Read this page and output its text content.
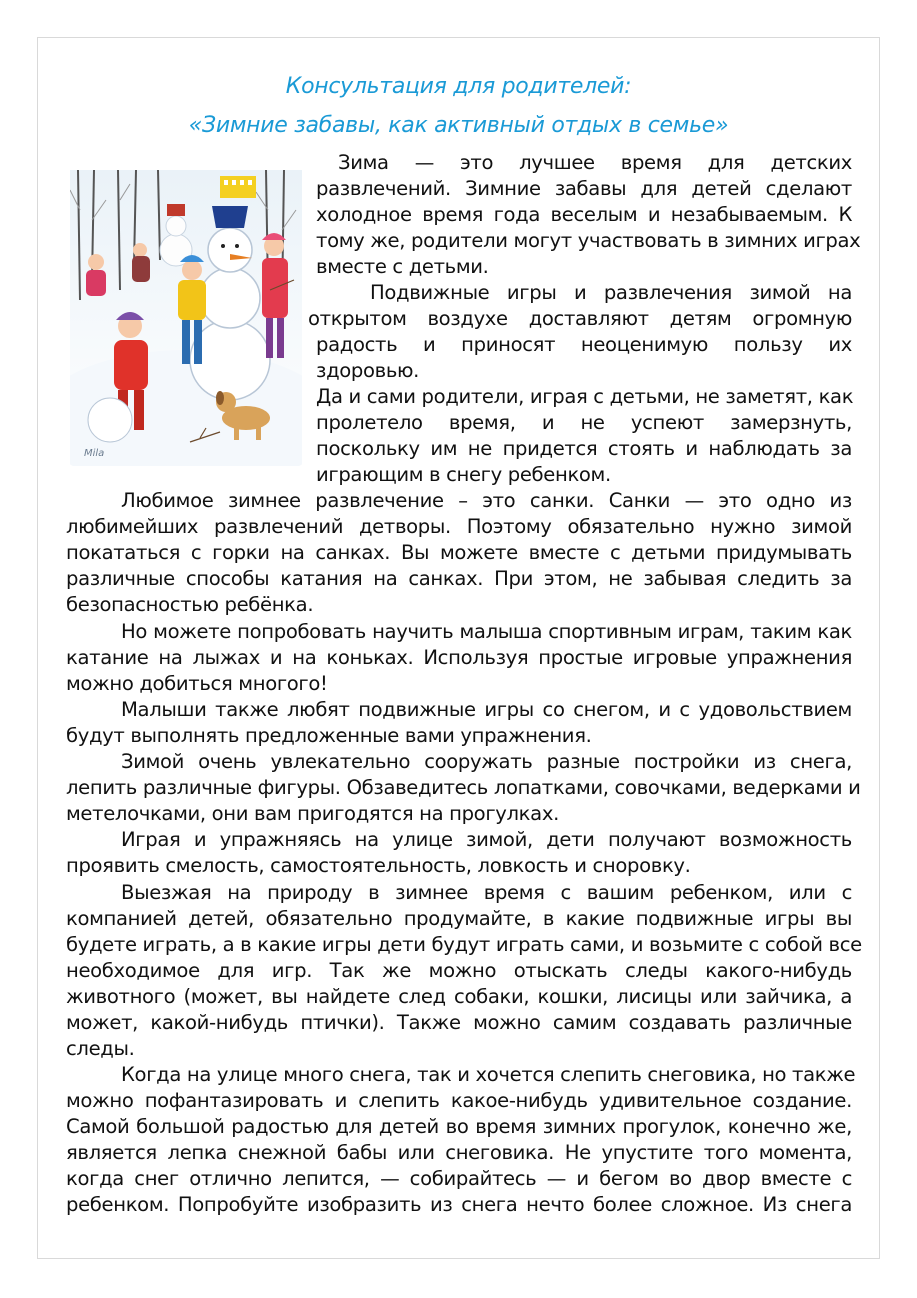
Консультация для родителей:
«Зимние забавы, как активный отдых в семье»
Mila
Зима — это лучшее время для детских
развлечений. Зимние забавы для детей сделают
холодное время года веселым и незабываемым. К
тому же, родители могут участвовать в зимних играх
вместе с детьми.
Подвижные игры и развлечения зимой на
открытом воздухе доставляют детям огромную
радость и приносят неоценимую пользу их
здоровью.
Да и сами родители, играя с детьми, не заметят, как
пролетело время, и не успеют замерзнуть,
поскольку им не придется стоять и наблюдать за
играющим в снегу ребенком.
Любимое зимнее развлечение – это санки. Санки — это одно из
любимейших развлечений детворы. Поэтому обязательно нужно зимой
покататься с горки на санках. Вы можете вместе с детьми придумывать
различные способы катания на санках. При этом, не забывая следить за
безопасностью ребёнка.
Но можете попробовать научить малыша спортивным играм, таким как
катание на лыжах и на коньках. Используя простые игровые упражнения
можно добиться многого!
Малыши также любят подвижные игры со снегом, и с удовольствием
будут выполнять предложенные вами упражнения.
Зимой очень увлекательно сооружать разные постройки из снега,
лепить различные фигуры. Обзаведитесь лопатками, совочками, ведерками и
метелочками, они вам пригодятся на прогулках.
Играя и упражняясь на улице зимой, дети получают возможность
проявить смелость, самостоятельность, ловкость и сноровку.
Выезжая на природу в зимнее время с вашим ребенком, или с
компанией детей, обязательно продумайте, в какие подвижные игры вы
будете играть, а в какие игры дети будут играть сами, и возьмите с собой все
необходимое для игр. Так же можно отыскать следы какого-нибудь
животного (может, вы найдете след собаки, кошки, лисицы или зайчика, а
может, какой-нибудь птички). Также можно самим создавать различные
следы.
Когда на улице много снега, так и хочется слепить снеговика, но также
можно пофантазировать и слепить какое-нибудь удивительное создание.
Самой большой радостью для детей во время зимних прогулок, конечно же,
является лепка снежной бабы или снеговика. Не упустите того момента,
когда снег отлично лепится, — собирайтесь — и бегом во двор вместе с
ребенком. Попробуйте изобразить из снега нечто более сложное. Из снега
